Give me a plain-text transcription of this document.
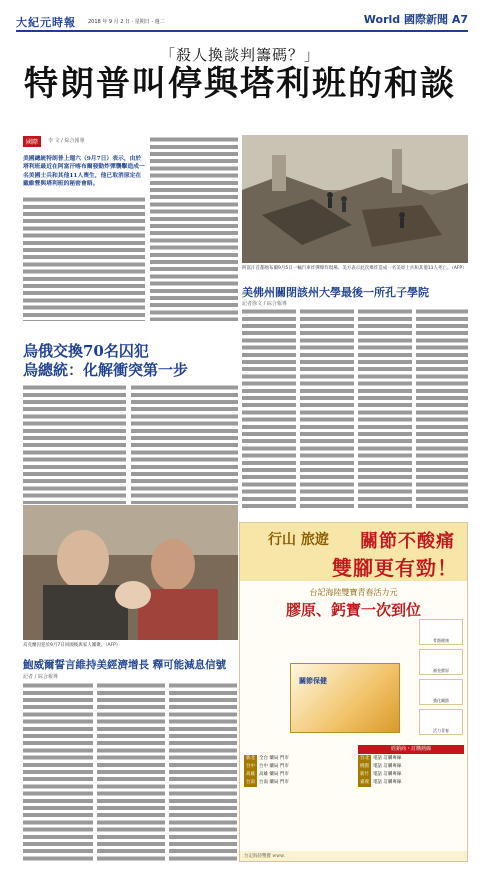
大紀元時報 2018 年 9 月 2 日 · 星期日 · 週二	World 國際新聞 A7
「殺人換談判籌碼？」
特朗普叫停與塔利班的和談
國際	李 文 / 綜合報導
美國總統特朗普上週六（9月7日）表示，由於塔利班最近在阿富汗喀布爾發動炸彈襲擊造成一名美國士兵和其他11人喪生，他已取消原定在戴維營與塔利班的秘密會晤。
阿富汗首都喀布爾9月5日一輛汽車炸彈爆炸現場。美方表示此次爆炸造成一名美軍士兵和其他11人死亡。（AFP）
美佛州關閉該州大學最後一所孔子學院
記者徐文 / 綜合報導
烏俄交換70名囚犯
烏總統：化解衝突第一步
烏克蘭囚犯於9月7日回國後與家人團聚。（AFP）
鮑威爾誓言維持美經濟增長 釋可能減息信號
記者 / 綜合報導
行山 旅遊 關節不酸痛
雙腳更有勁！
台記海陸雙寶青春活力元
膠原、鈣寶一次到位
關節保健
骨骼健康
補充膠原
強化關節
活力青春
經銷商・訂購熱線
新北 全台 藥局 門市
台中 台中 藥局 門市
高雄 高雄 藥局 門市
台南 台南 藥局 門市
台北 電話 訂購專線
桃園 電話 訂購專線
新竹 電話 訂購專線
嘉義 電話 訂購專線
台記海陸雙寶 www.
